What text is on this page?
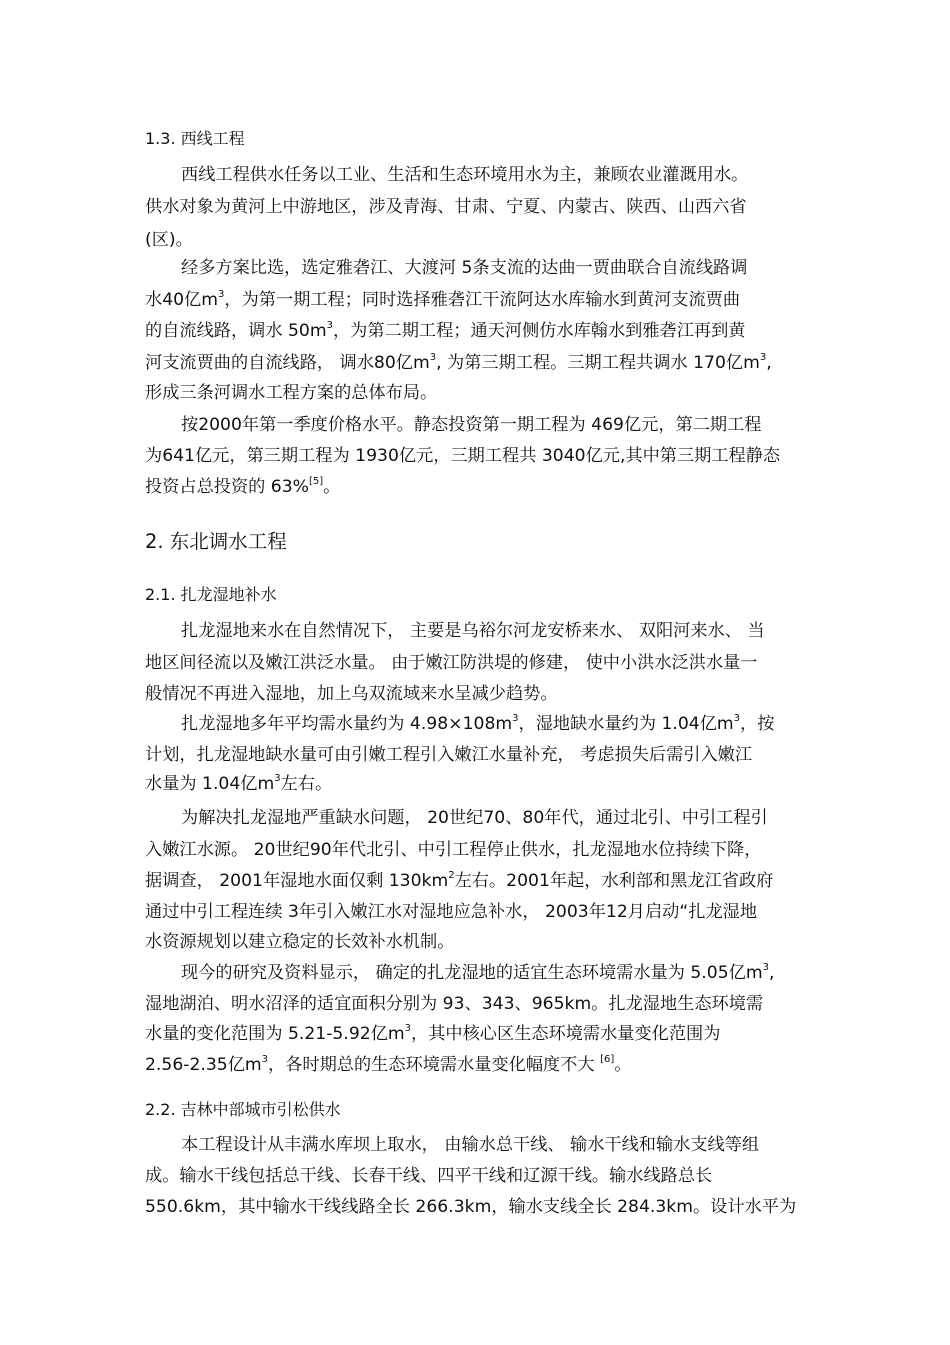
1.3. 西线工程
西线工程供水任务以工业、生活和生态环境用水为主，兼顾农业灌溉用水。
供水对象为黄河上中游地区，涉及青海、甘肃、宁夏、内蒙古、陕西、山西六省
(区)。
经多方案比选，选定雅砻江、大渡河 5条支流的达曲一贾曲联合自流线路调
水40亿$m^3$，为第一期工程；同时选择雅砻江干流阿达水库输水到黄河支流贾曲
的自流线路，调水 $50m^3$，为第二期工程；通天河侧仿水库翰水到雅砻江再到黄
河支流贾曲的自流线路， 调水80亿$m^3$, 为第三期工程。三期工程共调水 170亿$m^3$,
形成三条河调水工程方案的总体布局。
按2000年第一季度价格水平。静态投资第一期工程为 469亿元，第二期工程
为641亿元，第三期工程为 1930亿元，三期工程共 3040亿元,其中第三期工程静态
投资占总投资的 63%[5]。
2. 东北调水工程
2.1. 扎龙湿地补水
扎龙湿地来水在自然情况下， 主要是乌裕尔河龙安桥来水、 双阳河来水、 当
地区间径流以及嫩江洪泛水量。 由于嫩江防洪堤的修建， 使中小洪水泛洪水量一
般情况不再进入湿地，加上乌双流域来水呈减少趋势。
扎龙湿地多年平均需水量约为 $4.98\times 108m^3$，湿地缺水量约为 1.04亿$m^3$，按
计划，扎龙湿地缺水量可由引嫩工程引入嫩江水量补充， 考虑损失后需引入嫩江
水量为 1.04亿$m^3$左右。
为解决扎龙湿地严重缺水问题， 20世纪70、80年代，通过北引、中引工程引
入嫩江水源。 20世纪90年代北引、中引工程停止供水，扎龙湿地水位持续下降，
据调查， 2001年湿地水面仅剩 $130km^2$左右。2001年起，水利部和黑龙江省政府
通过中引工程连续 3年引入嫩江水对湿地应急补水， 2003年12月启动“扎龙湿地
水资源规划以建立稳定的长效补水机制。
现今的研究及资料显示， 确定的扎龙湿地的适宜生态环境需水量为 5.05亿$m^3$,
湿地湖泊、明水沼泽的适宜面积分别为 93、343、965km。扎龙湿地生态环境需
水量的变化范围为 5.21-5.92亿$m^3$，其中核心区生态环境需水量变化范围为
2.56-2.35亿$m^3$，各时期总的生态环境需水量变化幅度不大 [6]。
2.2. 吉林中部城市引松供水
本工程设计从丰满水库坝上取水， 由输水总干线、 输水干线和输水支线等组
成。输水干线包括总干线、长春干线、四平干线和辽源干线。输水线路总长
550.6km，其中输水干线线路全长 266.3km，输水支线全长 284.3km。设计水平为
